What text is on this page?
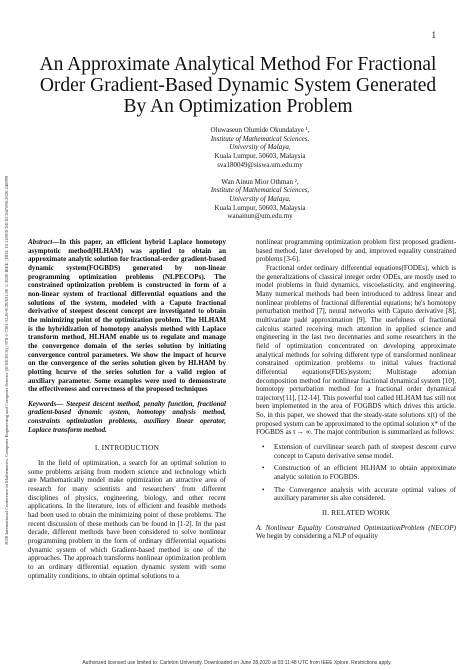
1
2020 International Conference in Mathematics, Computer Engineering and Computer Science (ICMCECS) | 978-1-7281-3126-9/20/$31.00 ©2020 IEEE | DOI: 10.1109/ICMCECS47690.2020.246999
An Approximate Analytical Method For Fractional Order Gradient-Based Dynamic System Generated By An Optimization Problem
Oluwaseun Olumide Okundalaye ¹,
Institute of Mathematical Sciences,
University of Malaya,
Kuala Lumpur, 50603, Malaysia
sva180049@siswa.um.edu.my
Wan Ainun Mior Othman ²,
Institute of Mathematical Sciences,
University of Malaya,
Kuala Lumpur, 50603, Malaysia
wanainun@um.edu.my
Abstract—In this paper, an efficient hybrid Laplace homotopy asymptotic method(HLHAM) was applied to obtain an approximate analytic solution for fractional-order gradient-based dynamic system(FOGBDS) generated by non-linear programming optimization problems (NLPECOPs). The constrained optimization problem is constructed in form of a non-linear system of fractional differential equations and the solutions of the system, modeled with a Caputo fractional derivative of steepest descent concept are investigated to obtain the minimizing point of the optimization problem. The HLHAM is the hybridization of homotopy analysis method with Laplace transform method, HLHAM enable us to regulate and manage the convergence domain of the series solution by initiating convergence control parameters. We show the impact of hcurve on the convergence of the series solution given by HLHAM by plotting hcurve of the series solution for a valid region of auxiliary parameter. Some examples were used to demonstrate the effectiveness and correctness of the proposed techniques
Keywords— Steepest descent method, penalty function, fractional gradient-based dynamic system, homotopy analysis method, constraints optimization problems, auxiliary linear operator, Laplace transform method.
I. INTRODUCTION

In the field of optimization, a search for an optimal solution to some problems arising from modern science and technology which are Mathematically model make optimization an attractive area of research for many scientists and researchers' from different disciplines of physics, engineering, biology, and other recent applications. In the literature, lots of efficient and feasible methods had been used to obtain the minimizing point of these problems. The recent discussion of these methods can be found in [1-2]. In the past decade, different methods have been considered to solve nonlinear programming problem in the form of ordinary differential equations dynamic system of which Gradient-based method is one of the approaches. The approach transforms nonlinear optimization problem to an ordinary differential equation dynamic system with some optimality conditions, to obtain optimal solutions to a

nonlinear programming optimization problem first proposed gradient-based method, later developed by and, improved equality constrained problems [3-6].

Fractional order ordinary differential equations(FODEs), which is the generalizations of classical integer order ODEs, are mostly used to model problems in fluid dynamics, viscoelasticity, and engineering. Many numerical methods had been introduced to address linear and nonlinear problems of fractional differential equations; he's homotopy perturbation method [7], neural networks with Caputo derivative [8], multivariate padé approximation [9]. The usefulness of fractional calculus started receiving much attention in applied science and engineering in the last two decennaries and some researchers in the field of optimization concentrated on developing approximate analytical methods for solving different type of transformed nonlinear constrained optimization problems to initial values fractional differential equations(FDEs)system; Multistage adomian decomposition method for nonlinear fractional dynamical system [10], homotopy perturbation method for a fractional order dynamical trajectory[11], [12-14]. This powerful tool called HLHAM has still not been implemented in the area of FOGBDS which drives this article. So, in this paper, we showed that the steady-state solutions x(t) of the proposed system can be approximated to the optimal solution x* of the FOGBDS as t → ∞. The major contribution is summarized as follows:

• Extension of curvilinear search path of steepest descent curve concept to Caputo derivative sense model.
• Construction of an efficient HLHAM to obtain approximate analytic solution to FOGBDS.
• The Convergence analysis with accurate optimal values of auxiliary parameter sis also considered.
II. RELATED WORK

A. Nonlinear Equality Constrained OptimizationProblem (NECOP) We begin by considering a NLP of equality

Authorized licensed use limited to: Carleton University. Downloaded on June 28,2020 at 03:11:48 UTC from IEEE Xplore. Restrictions apply.
